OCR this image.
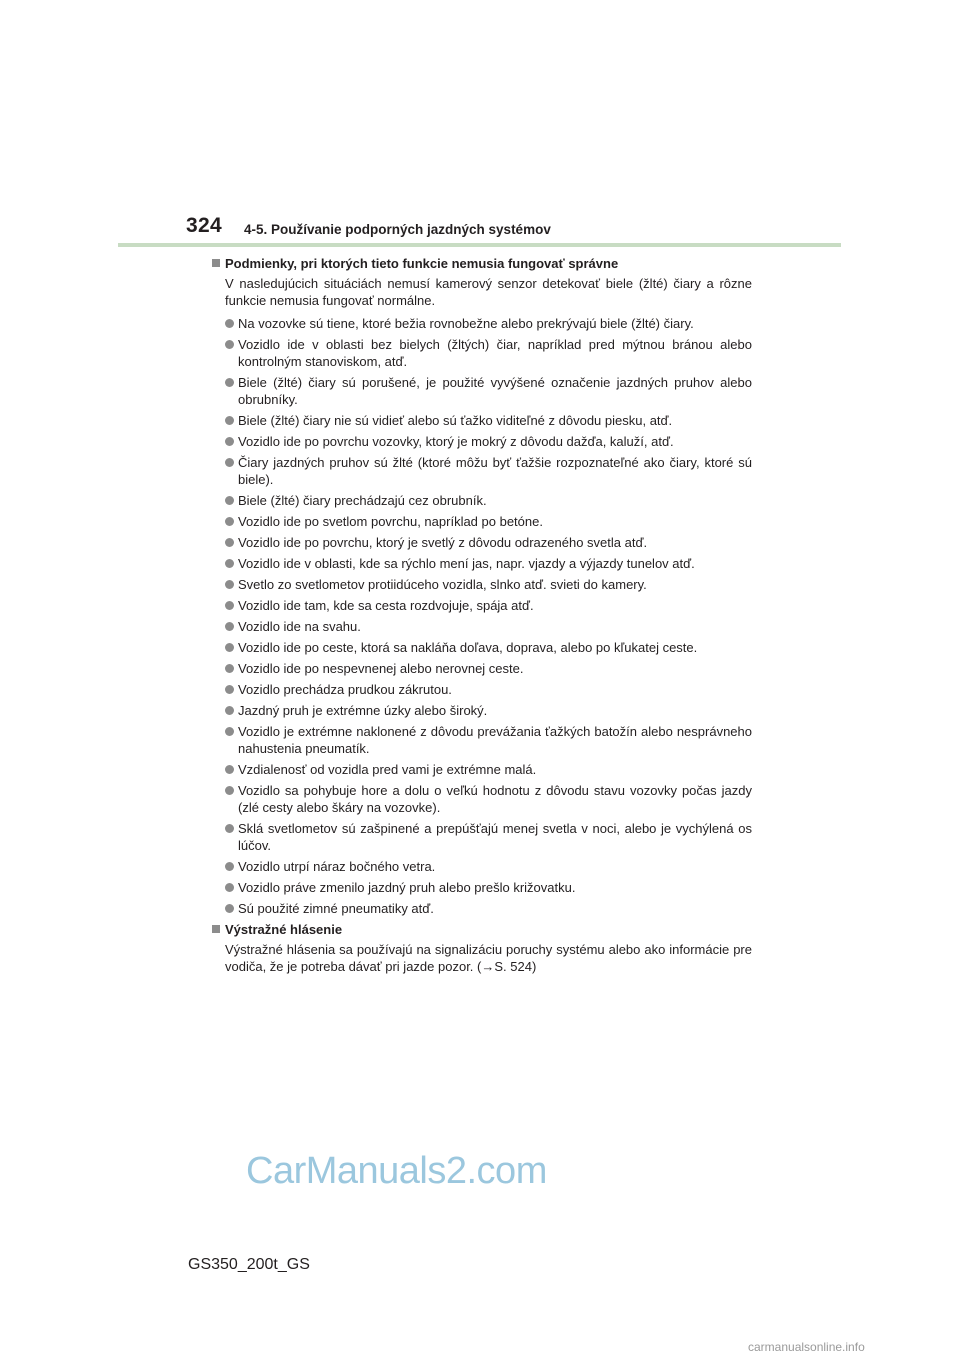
324 4-5. Používanie podporných jazdných systémov
Podmienky, pri ktorých tieto funkcie nemusia fungovať správne
V nasledujúcich situáciách nemusí kamerový senzor detekovať biele (žlté) čiary a rôzne funkcie nemusia fungovať normálne.
Na vozovke sú tiene, ktoré bežia rovnobežne alebo prekrývajú biele (žlté) čiary.
Vozidlo ide v oblasti bez bielych (žltých) čiar, napríklad pred mýtnou bránou alebo kontrolným stanoviskom, atď.
Biele (žlté) čiary sú porušené, je použité vyvýšené označenie jazdných pruhov alebo obrubníky.
Biele (žlté) čiary nie sú vidieť alebo sú ťažko viditeľné z dôvodu piesku, atď.
Vozidlo ide po povrchu vozovky, ktorý je mokrý z dôvodu dažďa, kaluží, atď.
Čiary jazdných pruhov sú žlté (ktoré môžu byť ťažšie rozpoznateľné ako čiary, ktoré sú biele).
Biele (žlté) čiary prechádzajú cez obrubník.
Vozidlo ide po svetlom povrchu, napríklad po betóne.
Vozidlo ide po povrchu, ktorý je svetlý z dôvodu odrazeného svetla atď.
Vozidlo ide v oblasti, kde sa rýchlo mení jas, napr. vjazdy a výjazdy tunelov atď.
Svetlo zo svetlometov protiidúceho vozidla, slnko atď. svieti do kamery.
Vozidlo ide tam, kde sa cesta rozdvojuje, spája atď.
Vozidlo ide na svahu.
Vozidlo ide po ceste, ktorá sa nakláňa doľava, doprava, alebo po kľukatej ceste.
Vozidlo ide po nespevnenej alebo nerovnej ceste.
Vozidlo prechádza prudkou zákrutou.
Jazdný pruh je extrémne úzky alebo široký.
Vozidlo je extrémne naklonené z dôvodu prevážania ťažkých batožín alebo nesprávneho nahustenia pneumatík.
Vzdialenosť od vozidla pred vami je extrémne malá.
Vozidlo sa pohybuje hore a dolu o veľkú hodnotu z dôvodu stavu vozovky počas jazdy (zlé cesty alebo škáry na vozovke).
Sklá svetlometov sú zašpinené a prepúšťajú menej svetla v noci, alebo je vychýlená os lúčov.
Vozidlo utrpí náraz bočného vetra.
Vozidlo práve zmenilo jazdný pruh alebo prešlo križovatku.
Sú použité zimné pneumatiky atď.
Výstražné hlásenie
Výstražné hlásenia sa používajú na signalizáciu poruchy systému alebo ako informácie pre vodiča, že je potreba dávať pri jazde pozor. (→S. 524)
CarManuals2.com
GS350_200t_GS
carmanualsonline.info
